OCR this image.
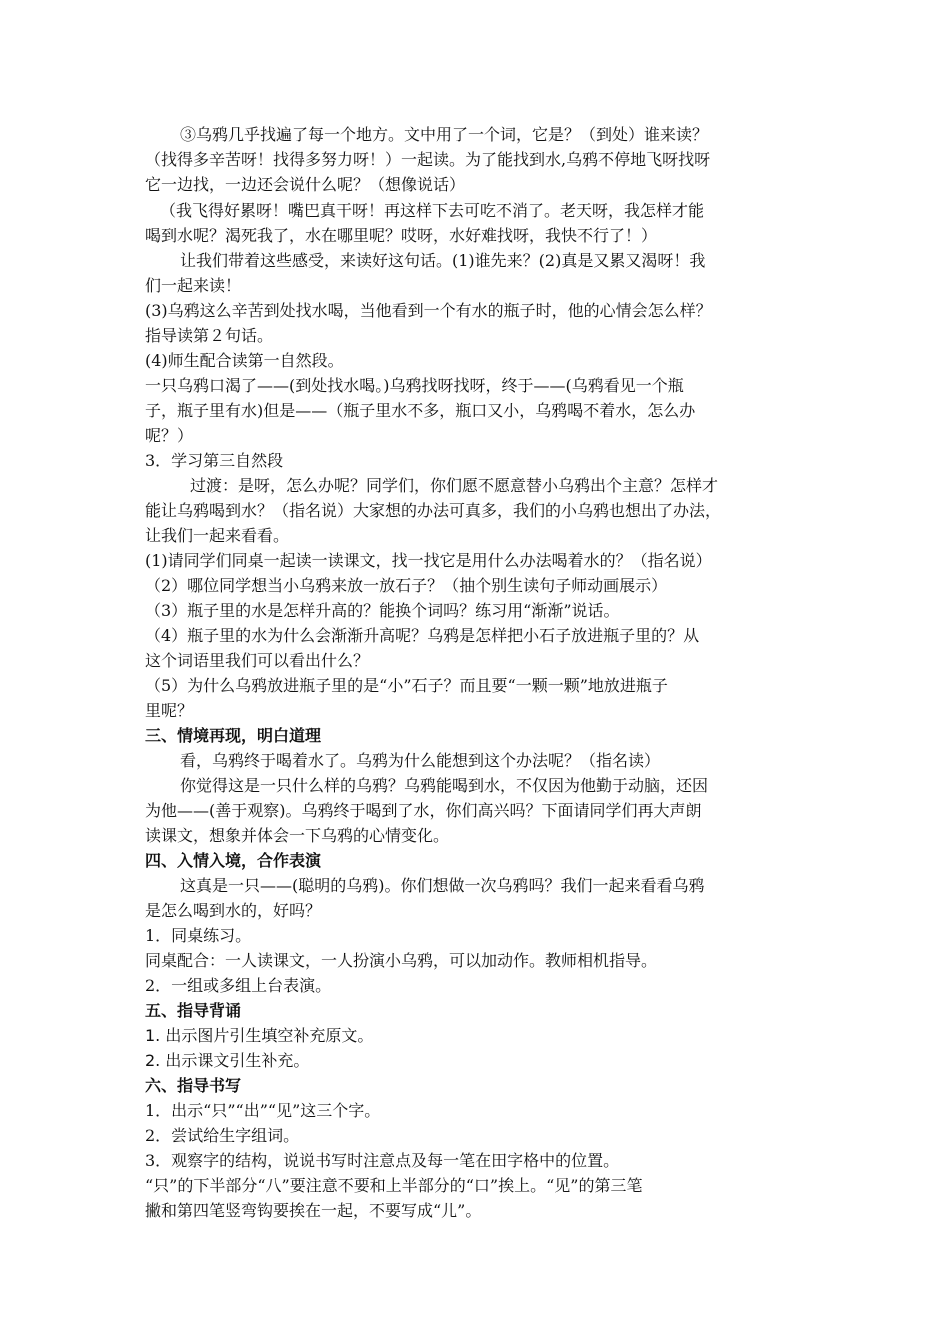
③乌鸦几乎找遍了每一个地方。文中用了一个词，它是？（到处）谁来读？
（找得多辛苦呀！找得多努力呀！）一起读。为了能找到水,乌鸦不停地飞呀找呀
它一边找，一边还会说什么呢？（想像说话）
（我飞得好累呀！嘴巴真干呀！再这样下去可吃不消了。老天呀，我怎样才能
喝到水呢？渴死我了，水在哪里呢？哎呀，水好难找呀，我快不行了！）
让我们带着这些感受，来读好这句话。(1)谁先来？(2)真是又累又渴呀！我
们一起来读！
(3)乌鸦这么辛苦到处找水喝，当他看到一个有水的瓶子时，他的心情会怎么样？
指导读第２句话。
(4)师生配合读第一自然段。
一只乌鸦口渴了——(到处找水喝。)乌鸦找呀找呀，终于——(乌鸦看见一个瓶
子，瓶子里有水)但是——（瓶子里水不多，瓶口又小，乌鸦喝不着水，怎么办
呢？）
3．学习第三自然段
过渡：是呀，怎么办呢？同学们，你们愿不愿意替小乌鸦出个主意？怎样才
能让乌鸦喝到水？（指名说）大家想的办法可真多，我们的小乌鸦也想出了办法，
让我们一起来看看。
(1)请同学们同桌一起读一读课文，找一找它是用什么办法喝着水的？（指名说）
（2）哪位同学想当小乌鸦来放一放石子？（抽个别生读句子师动画展示）
（3）瓶子里的水是怎样升高的？能换个词吗？练习用“渐渐”说话。
（4）瓶子里的水为什么会渐渐升高呢？乌鸦是怎样把小石子放进瓶子里的？从
这个词语里我们可以看出什么？
（5）为什么乌鸦放进瓶子里的是“小”石子？而且要“一颗一颗”地放进瓶子
里呢？
三、情境再现，明白道理
看，乌鸦终于喝着水了。乌鸦为什么能想到这个办法呢？（指名读）
你觉得这是一只什么样的乌鸦？乌鸦能喝到水，不仅因为他勤于动脑，还因
为他——(善于观察)。乌鸦终于喝到了水，你们高兴吗？下面请同学们再大声朗
读课文，想象并体会一下乌鸦的心情变化。
四、入情入境，合作表演
这真是一只——(聪明的乌鸦)。你们想做一次乌鸦吗？我们一起来看看乌鸦
是怎么喝到水的，好吗？
1．同桌练习。
同桌配合：一人读课文，一人扮演小乌鸦，可以加动作。教师相机指导。
2．一组或多组上台表演。
五、指导背诵
1. 出示图片引生填空补充原文。
2. 出示课文引生补充。
六、指导书写
1．出示“只”“出”“见”这三个字。
2．尝试给生字组词。
3．观察字的结构，说说书写时注意点及每一笔在田字格中的位置。
“只”的下半部分“八”要注意不要和上半部分的“口”挨上。“见”的第三笔
撇和第四笔竖弯钩要挨在一起，不要写成“儿”。
